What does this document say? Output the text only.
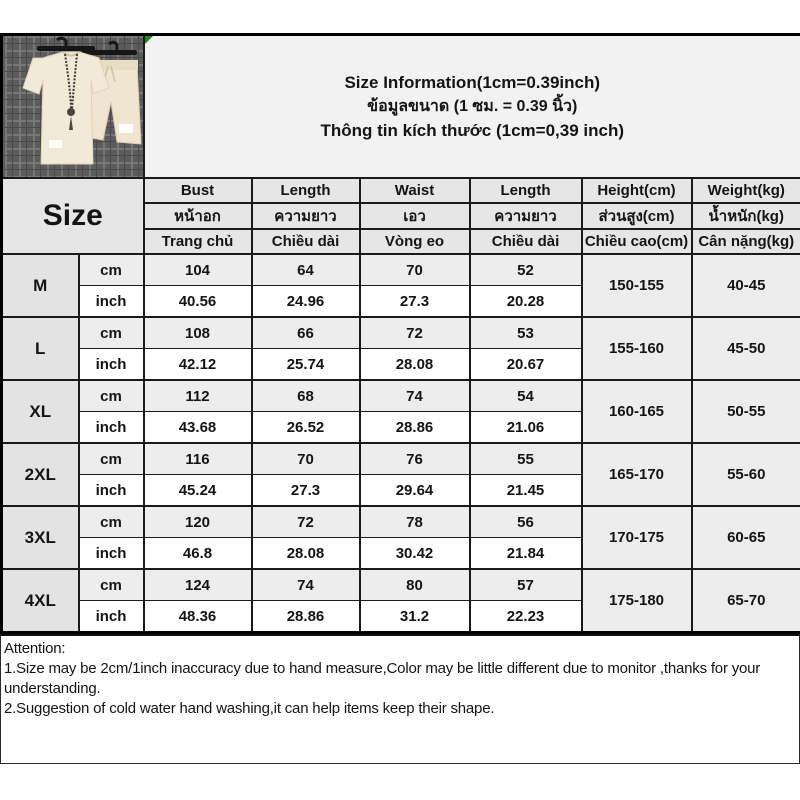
Size Information(1cm=0.39inch)
ข้อมูลขนาด (1 ซม. = 0.39 นิ้ว)
Thông tin kích thước (1cm=0,39 inch)					

Size		Bust	Length	Waist	Length	Height(cm)	Weight(kg)
		หน้าอก	ความยาว	เอว	ความยาว	ส่วนสูง(cm)	น้ำหนัก(kg)
		Trang chủ	Chiều dài	Vòng eo	Chiều dài	Chiều cao(cm)	Cân nặng(kg)
M	cm	104	64	70	52	150-155	40-45
	inch	40.56	24.96	27.3	20.28		
L	cm	108	66	72	53	155-160	45-50
	inch	42.12	25.74	28.08	20.67		
XL	cm	112	68	74	54	160-165	50-55
	inch	43.68	26.52	28.86	21.06		
2XL	cm	116	70	76	55	165-170	55-60
	inch	45.24	27.3	29.64	21.45		
3XL	cm	120	72	78	56	170-175	60-65
	inch	46.8	28.08	30.42	21.84		
4XL	cm	124	74	80	57	175-180	65-70
	inch	48.36	28.86	31.2	22.23		

Attention:

1.Size may be 2cm/1inch inaccuracy due to hand measure,Color may be little different due to monitor ,thanks for your understanding.

2.Suggestion of cold water hand washing,it can help items keep their shape.
